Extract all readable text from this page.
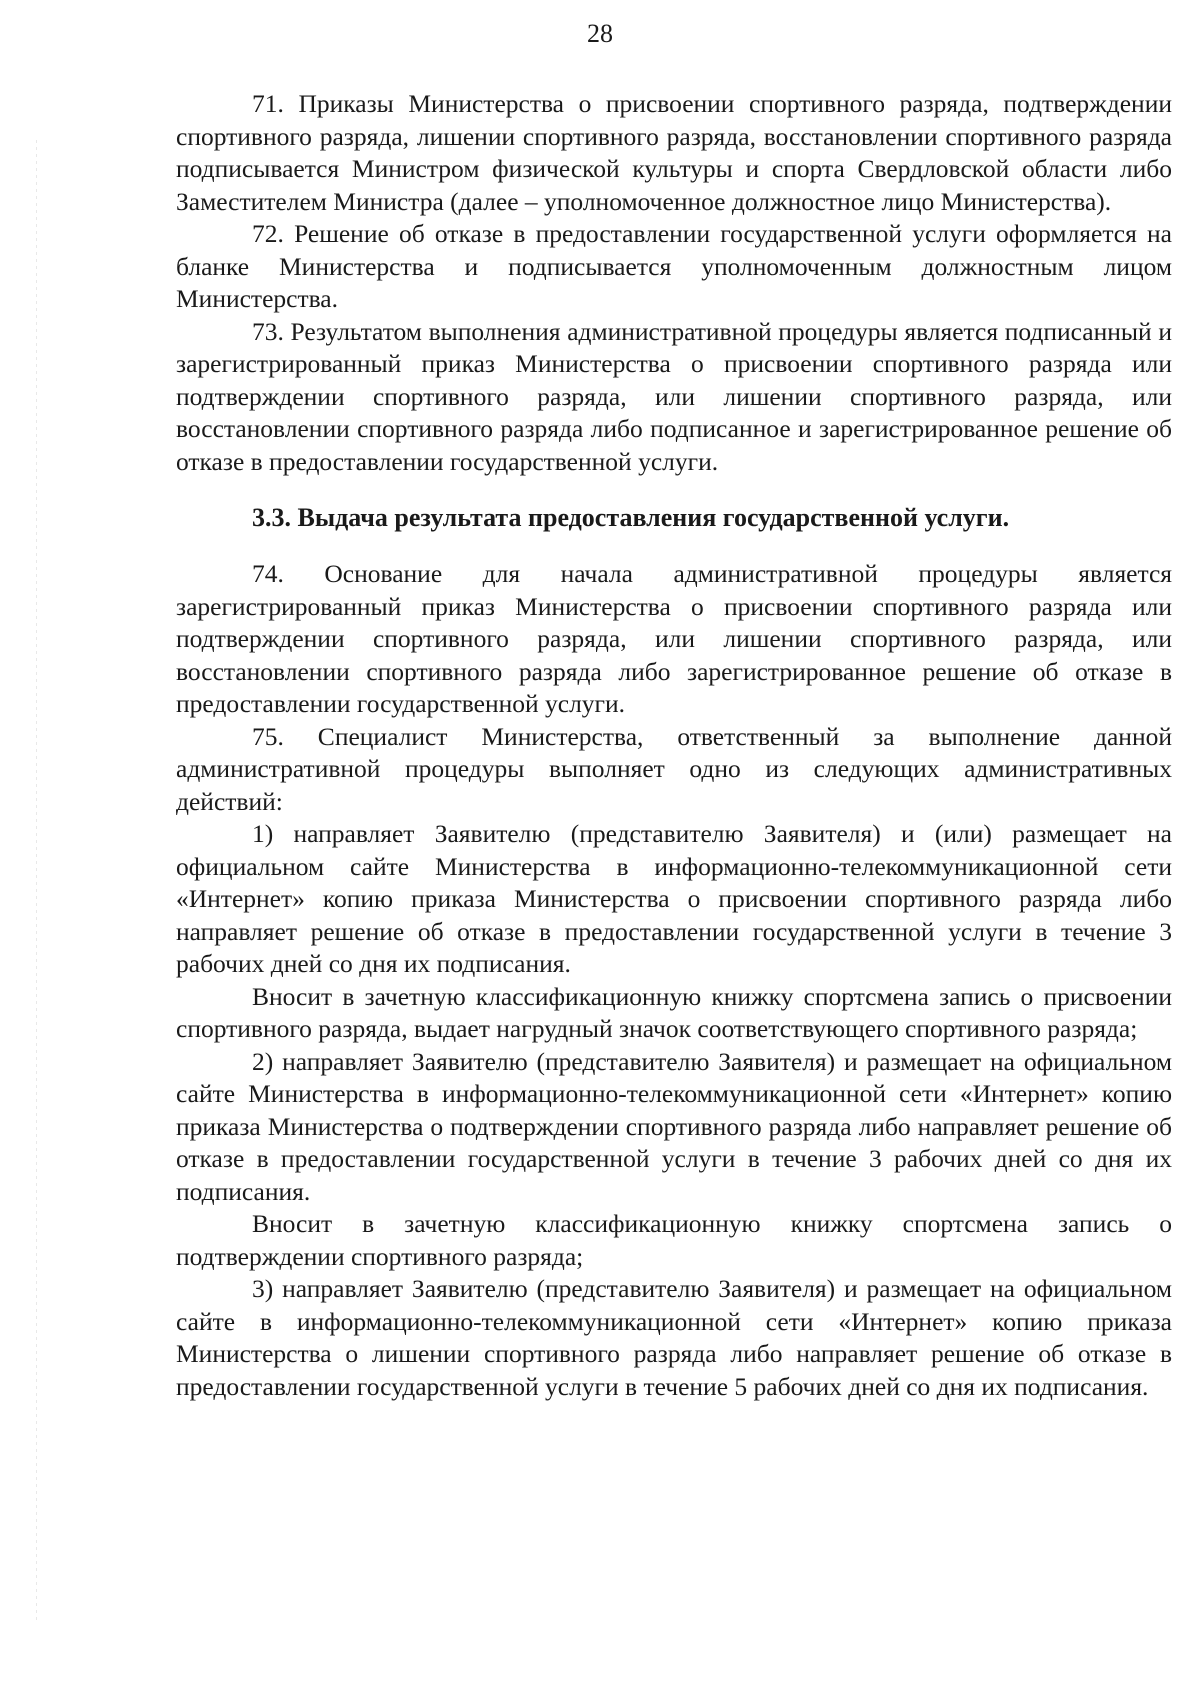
28

71. Приказы Министерства о присвоении спортивного разряда, подтверждении спортивного разряда, лишении спортивного разряда, восстановлении спортивного разряда подписывается Министром физической культуры и спорта Свердловской области либо Заместителем Министра (далее – уполномоченное должностное лицо Министерства).

72. Решение об отказе в предоставлении государственной услуги оформляется на бланке Министерства и подписывается уполномоченным должностным лицом Министерства.

73. Результатом выполнения административной процедуры является подписанный и зарегистрированный приказ Министерства о присвоении спортивного разряда или подтверждении спортивного разряда, или лишении спортивного разряда, или восстановлении спортивного разряда либо подписанное и зарегистрированное решение об отказе в предоставлении государственной услуги.

3.3. Выдача результата предоставления государственной услуги.

74. Основание для начала административной процедуры является зарегистрированный приказ Министерства о присвоении спортивного разряда или подтверждении спортивного разряда, или лишении спортивного разряда, или восстановлении спортивного разряда либо зарегистрированное решение об отказе в предоставлении государственной услуги.

75. Специалист Министерства, ответственный за выполнение данной административной процедуры выполняет одно из следующих административных действий:

1) направляет Заявителю (представителю Заявителя) и (или) размещает на официальном сайте Министерства в информационно-телекоммуникационной сети «Интернет» копию приказа Министерства о присвоении спортивного разряда либо направляет решение об отказе в предоставлении государственной услуги в течение 3 рабочих дней со дня их подписания.

Вносит в зачетную классификационную книжку спортсмена запись о присвоении спортивного разряда, выдает нагрудный значок соответствующего спортивного разряда;

2) направляет Заявителю (представителю Заявителя) и размещает на официальном сайте Министерства в информационно-телекоммуникационной сети «Интернет» копию приказа Министерства о подтверждении спортивного разряда либо направляет решение об отказе в предоставлении государственной услуги в течение 3 рабочих дней со дня их подписания.

Вносит в зачетную классификационную книжку спортсмена запись о подтверждении спортивного разряда;

3) направляет Заявителю (представителю Заявителя) и размещает на официальном сайте в информационно-телекоммуникационной сети «Интернет» копию приказа Министерства о лишении спортивного разряда либо направляет решение об отказе в предоставлении государственной услуги в течение 5 рабочих дней со дня их подписания.
